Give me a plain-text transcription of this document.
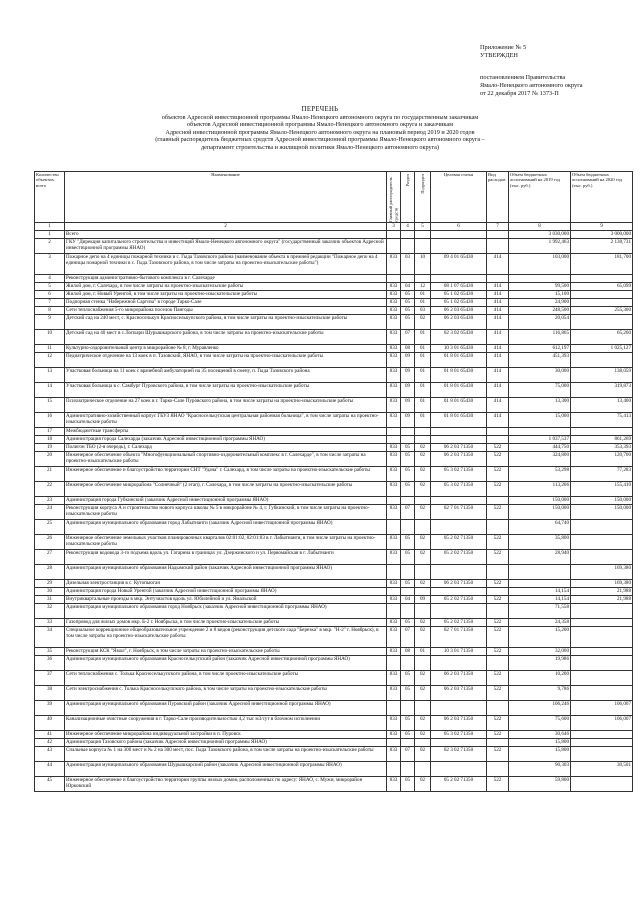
Приложение № 5
УТВЕРЖДЕН
постановлением Правительства
Ямало-Ненецкого автономного округа
от 22 декабря 2017 № 1373-П
ПЕРЕЧЕНЬ
объектов Адресной инвестиционной программы Ямало-Ненецкого автономного округа по государственным заказчикам
объектов Адресной инвестиционной программы Ямало-Ненецкого автономного округа и заказчикам
Адресной инвестиционной программы Ямало-Ненецкого автономного округа на плановый период 2019 и 2020 годов
(главный распорядитель бюджетных средств Адресной инвестиционной программы Ямало-Ненецкого автономного округа –
департамент строительства и жилищной политики Ямало-Ненецкого автономного округа)
Количество объектов, всего	Наименование	Главный распорядитель средств	Раздел	Подраздел	Целевая статья	Вид расходов	Объем бюджетных ассигнований на 2019 год (тыс. руб.)	Объем бюджетных ассигнований на 2020 год (тыс. руб.)
1	2	3	4	5	6	7	8	9
1	Всего						3 030,000	3 000,000
2	ГКУ "Дирекция капитального строительства и инвестиций Ямало-Ненецкого автономного округа" (государственный заказчик объектов Адресной инвестиционной программы ЯНАО)						1 992,463	2 138,731
3	Пожарное депо на 4 единицы пожарной техники в с. Гыда Тазовского района (наименование объекта в прежней редакции "Пожарное депо на 4 единицы пожарной техники в с. Гыда Тазовского района, в том числе затраты на проектно-изыскательские работы")	833	03	10	09 4 01 65430	414	103,000	181,700
4	Реконструкция административно-бытового комплекса в г. Салехарде							
5	Жилой дом, г. Салехард, в том числе затраты на проектно-изыскательские работы	833	04	12	08 1 07 65430	414	99,500	65,099
6	Жилой дом, г. Новый Уренгой, в том числе затраты на проектно-изыскательские работы	833	05	01	05 1 02 65430	414	15,100	
7	Подпорная стенка "Набережной Саргиза" в городе Тарко-Сале	833	05	01	05 1 02 65430	414	24,900	
8	Сети теплоснабжения 5-го микрорайона поселок Пангоды	833	05	03	06 2 03 65430	414	248,500	255,300
9	Детский сад на 240 мест, с. Красноселькуп Красноселькупского района, в том числе затраты на проектно-изыскательские работы	833	05	02	06 2 03 65430	414	20,054	
10	Детский сад на 40 мест в с.Лопхари Шурышкарского района, в том числе затраты на проектно-изыскательские работы	833	07	01	02 3 02 65430	414	116,865	65,260
11	Культурно-оздоровительный центр в микрорайоне № 8, г. Муравленко	833	08	01	10 3 01 65430	414	612,197	1 025,127
12	Педиатрическое отделение на 13 коек в п. Тазовский, ЯНАО, в том числе затраты на проектно-изыскательские работы	833	09	01	01 8 01 65430	414	451,393	
13	Участковая больница на 11 коек с врачебной амбулаторией на 35 посещений в смену, п. Гыда Тазовского района	833	09	01	01 8 01 65430	414	30,000	138,059
14	Участковая больница в с. Самбург Пуровского района, в том числе затраты на проектно-изыскательские работы	833	09	01	01 8 01 65430	414	75,000	319,873
15	Психиатрическое отделение на 27 коек в г. Тарко-Сале Пуровского района, в том числе затраты на проектно-изыскательские работы	833	09	01	01 8 01 65430	414	13,300	13,400
16	Административно-хозяйственный корпус ГБУЗ ЯНАО "Красноселькупская центральная районная больница", в том числе затраты на проектно-изыскательские работы	833	09	01	01 8 01 65430	414	15,000	75,413
17	Межбюджетные трансферты							
18	Администрация города Салехарда (заказчик Адресной инвестиционной программы ЯНАО)						1 037,537	861,269
19	Полигон ТБО (2-я очередь), г. Салехард	833	05	02	06 2 03 71350	522	444,750	353,393
20	Инженерное обеспечение объекта "Многофункциональный спортивно-оздоровительный комплекс в г. Салехарде", в том числе затраты на проектно-изыскательские работы	833	05	02	06 2 03 71350	522	324,800	120,700
21	Инженерное обеспечение и благоустройство территории СНТ "Удача" г. Салехард, в том числе затраты на проектно-изыскательские работы	833	05	02	05 3 02 71350	522	53,298	77,283
22	Инженерное обеспечение микрорайона "Солнечный" (2 этап), г. Салехард, в том числе затраты на проектно-изыскательские работы	833	05	02	05 3 02 71350	522	113,206	155,410
23	Администрация города Губкинский (заказчик Адресной инвестиционной программы ЯНАО)						150,000	150,000
24	Реконструкция корпуса А и строительство нового корпуса школы № 5 в микрорайоне № 4, г. Губкинский, в том числе затраты на проектно-изыскательские работы	833	07	02	02 7 01 71350	522	150,000	150,000
25	Администрация муниципального образования город Лабытнанги (заказчик Адресной инвестиционной программы ЯНАО)						64,740	
26	Инженерное обеспечение земельных участков планировочных кварталов 02:01:02, 02:01:03 в г. Лабытнанги, в том числе затраты на проектно-изыскательские работы	833	05	02	05 2 02 71350	522	35,800	
27	Реконструкция водовода 3-го подъема вдоль ул. Гагарина в границах ул. Дзержинского и ул. Первомайская в г. Лабытнанги	833	05	02	05 2 02 71350	522	28,940	
28	Администрация муниципального образования Надымский район (заказчик Адресной инвестиционной программы ЯНАО)							169,380
29	Дизельная электростанция в с. Кутопьюган	833	05	02	06 2 03 71350	522		169,380
30	Администрация города Новый Уренгой (заказчик Адресной инвестиционной программы ЯНАО)						14,154	21,988
31	Внутриквартальные проезды в мкр. Энтузиастов вдоль ул. Юбилейной и ул. Ямальской	833	04	09	05 2 02 71350	522	14,154	21,988
32	Администрация муниципального образования город Ноябрьск (заказчик Адресной инвестиционной программы ЯНАО)						71,558	
33	Газопровод для жилых домов мкр. Б-2 г. Ноябрьска, в том числе проектно-изыскательские работы	833	05	02	05 2 02 71350	522	24,358	
34	Специальное коррекционное общеобразовательное учреждение 2 и 8 видов (реконструкция детского сада "Березка" в мкр. "Н-2" г. Ноябрьск), в том числе затраты на проектно-изыскательские работы	833	07	02	02 7 01 71350	522	15,200	
35	Реконструкция КСК "Ямал", г. Ноябрьск, в том числе затраты на проектно-изыскательские работы	833	08	01	10 3 01 71350	522	32,000	
36	Администрация муниципального образования Красноселькупский район (заказчик Адресной инвестиционной программы ЯНАО)						19,986	
37	Сети теплоснабжения с. Толька Красноселькупского района, в том числе проектно-изыскательские работы	833	05	02	06 2 03 71350	522	10,200	
38	Сети электроснабжения с. Толька Красноселькупского района, в том числе затраты на проектно-изыскательские работы	833	05	02	06 2 03 71350	522	9,786	
39	Администрация муниципального образования Пуровский район (заказчик Адресной инвестиционной программы ЯНАО)						106,246	106,007
40	Канализационные очистные сооружения в г. Тарко-Сале производительностью 4,2 тыс м3/сут в блочном исполнении	833	05	02	06 2 03 71350	522	75,600	106,007
41	Инженерное обеспечение микрорайона индивидуальной застройки в п. Пуровск	833	05	02	05 3 02 71350	522	30,646	
42	Администрация Тазовского района (заказчик Адресной инвестиционной программы ЯНАО)						15,800	
43	Спальные корпуса № 1 на 300 мест и № 2 на 300 мест, пос. Гыда Тазовского района, в том числе затраты на проектно-изыскательские работы	833	07	02	02 3 02 71350	522	15,800	
44	Администрация муниципального образования Шурышкарский район (заказчик Адресной инвестиционной программы ЯНАО)						90,303	30,501
45	Инженерное обеспечение и благоустройство территории группы жилых домов, расположенных по адресу: ЯНАО, с. Мужи, микрорайон Юрковский	833	05	02	05 2 02 71350	522	59,800	
